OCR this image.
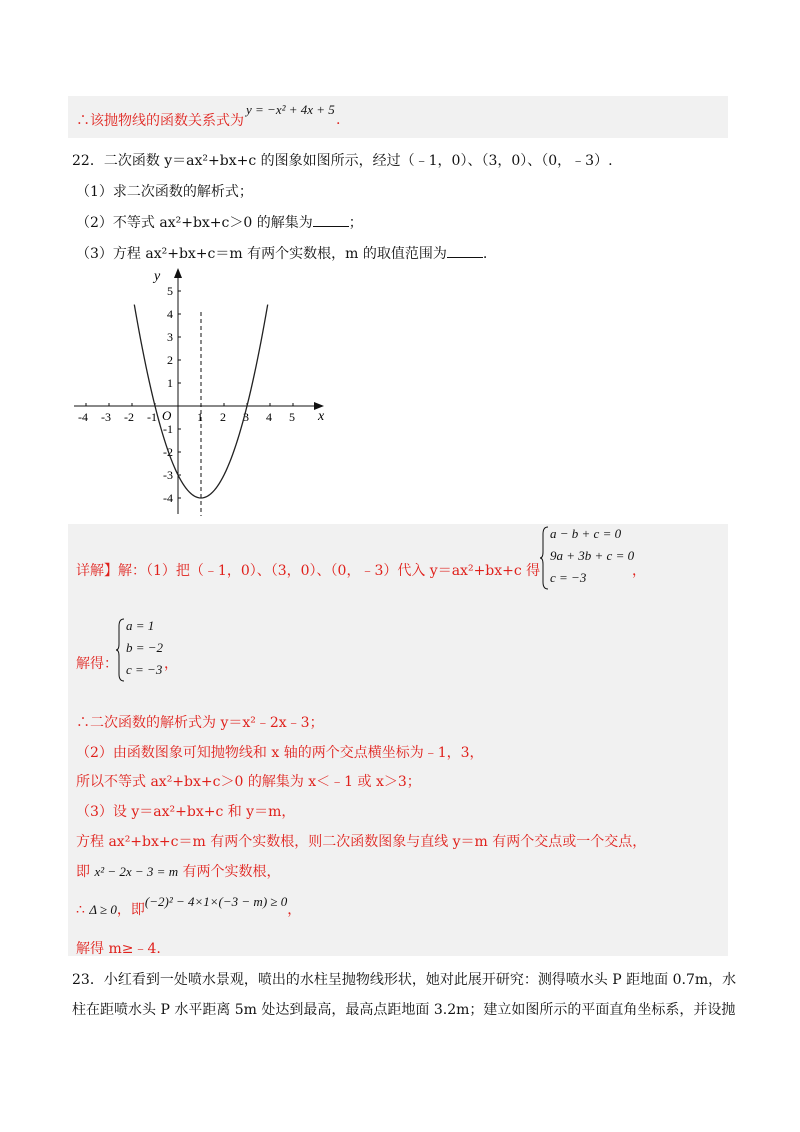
∴该抛物线的函数关系式为
y = −x² + 4x + 5
.
22．二次函数 y＝ax²+bx+c 的图象如图所示，经过（﹣1，0）、（3，0）、（0，﹣3）.
（1）求二次函数的解析式；
（2）不等式 ax²+bx+c＞0 的解集为	；
（3）方程 ax²+bx+c＝m 有两个实数根，m 的取值范围为	.
-4 -3 -2 -1	1 2 3 4 5
5
4
3
2
1
-1
-2
-3
-4
x
y
O
详解】解：（1）把（﹣1，0）、（3，0）、（0，﹣3）代入 y＝ax²+bx+c 得
a − b + c = 0
9a + 3b + c = 0
c = −3	，
解得：
a = 1
b = −2
c = −3 ，
∴二次函数的解析式为 y＝x²﹣2x﹣3；
（2）由函数图象可知抛物线和 x 轴的两个交点横坐标为﹣1，3，
所以不等式 ax²+bx+c＞0 的解集为 x＜﹣1 或 x＞3；
（3）设 y＝ax²+bx+c 和 y＝m，
方程 ax²+bx+c＝m 有两个实数根，则二次函数图象与直线 y＝m 有两个交点或一个交点，
即 x² − 2x − 3 = m 有两个实数根，
∴ Δ ≥ 0，即(−2)² − 4×1×(−3 − m) ≥ 0，
解得 m≥﹣4.
23．小红看到一处喷水景观，喷出的水柱呈抛物线形状，她对此展开研究：测得喷水头 P 距地面 0.7m，水
柱在距喷水头 P 水平距离 5m 处达到最高，最高点距地面 3.2m；建立如图所示的平面直角坐标系，并设抛
